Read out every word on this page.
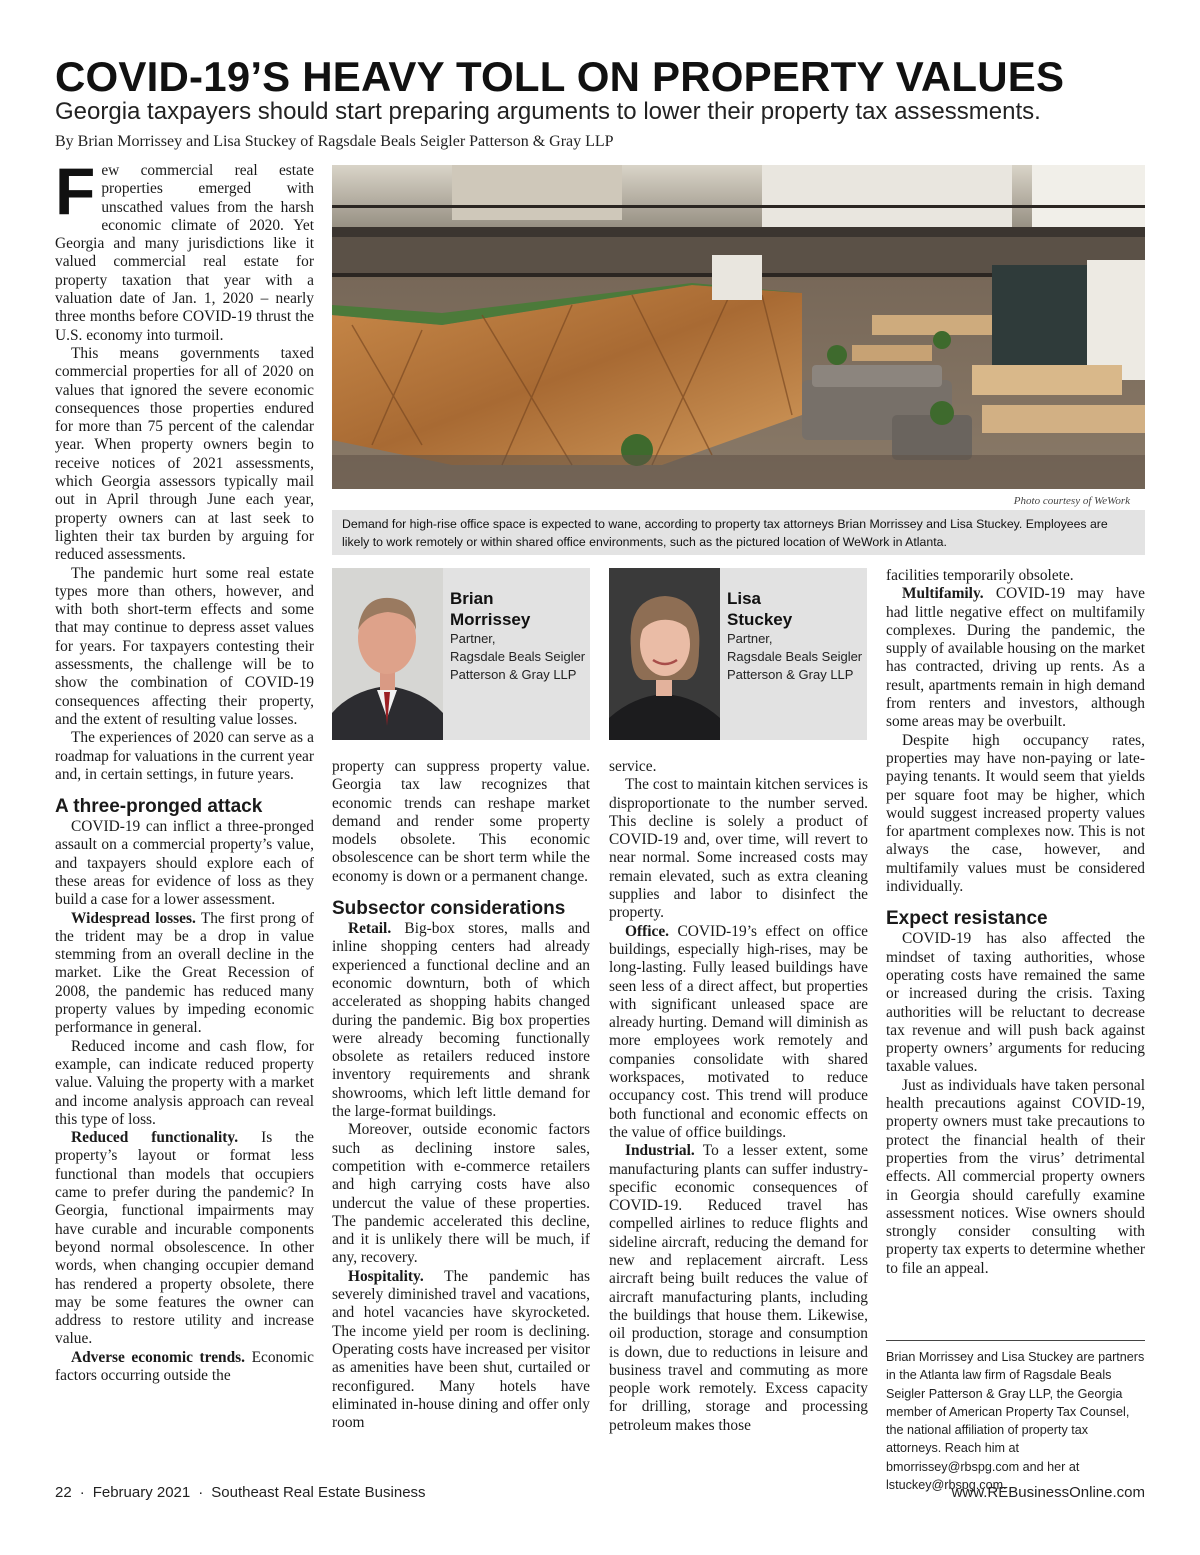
COVID-19’S HEAVY TOLL ON PROPERTY VALUES

Georgia taxpayers should start preparing arguments to lower their property tax assessments.

By Brian Morrissey and Lisa Stuckey of Ragsdale Beals Seigler Patterson & Gray LLP

Few commercial real estate properties emerged with unscathed values from the harsh economic climate of 2020. Yet Georgia and many jurisdictions like it valued commercial real estate for property taxation that year with a valuation date of Jan. 1, 2020 – nearly three months before COVID-19 thrust the U.S. economy into turmoil.

This means governments taxed commercial properties for all of 2020 on values that ignored the severe economic consequences those properties endured for more than 75 percent of the calendar year. When property owners begin to receive notices of 2021 assessments, which Georgia assessors typically mail out in April through June each year, property owners can at last seek to lighten their tax burden by arguing for reduced assessments.

The pandemic hurt some real estate types more than others, however, and with both short-term effects and some that may continue to depress asset values for years. For taxpayers contesting their assessments, the challenge will be to show the combination of COVID-19 consequences affecting their property, and the extent of resulting value losses.

The experiences of 2020 can serve as a roadmap for valuations in the current year and, in certain settings, in future years.

A three-pronged attack

COVID-19 can inflict a three-pronged assault on a commercial property’s value, and taxpayers should explore each of these areas for evidence of loss as they build a case for a lower assessment.

Widespread losses. The first prong of the trident may be a drop in value stemming from an overall decline in the market. Like the Great Recession of 2008, the pandemic has reduced many property values by impeding economic performance in general.

Reduced income and cash flow, for example, can indicate reduced property value. Valuing the property with a market and income analysis approach can reveal this type of loss.

Reduced functionality. Is the property’s layout or format less functional than models that occupiers came to prefer during the pandemic? In Georgia, functional impairments may have curable and incurable components beyond normal obsolescence. In other words, when changing occupier demand has rendered a property obsolete, there may be some features the owner can address to restore utility and increase value.

Adverse economic trends. Economic factors occurring outside the

Photo courtesy of WeWork
Demand for high-rise office space is expected to wane, according to property tax attorneys Brian Morrissey and Lisa Stuckey. Employees are likely to work remotely or within shared office environments, such as the pictured location of WeWork in Atlanta.
Brian
Morrissey
Partner,
Ragsdale Beals Seigler Patterson & Gray LLP
Lisa
Stuckey
Partner,
Ragsdale Beals Seigler Patterson & Gray LLP

property can suppress property value. Georgia tax law recognizes that economic trends can reshape market demand and render some property models obsolete. This economic obsolescence can be short term while the economy is down or a permanent change.

Subsector considerations

Retail. Big-box stores, malls and inline shopping centers had already experienced a functional decline and an economic downturn, both of which accelerated as shopping habits changed during the pandemic. Big box properties were already becoming functionally obsolete as retailers reduced instore inventory requirements and shrank showrooms, which left little demand for the large-format buildings.

Moreover, outside economic factors such as declining instore sales, competition with e-commerce retailers and high carrying costs have also undercut the value of these properties. The pandemic accelerated this decline, and it is unlikely there will be much, if any, recovery.

Hospitality. The pandemic has severely diminished travel and vacations, and hotel vacancies have skyrocketed. The income yield per room is declining. Operating costs have increased per visitor as amenities have been shut, curtailed or reconfigured. Many hotels have eliminated in-house dining and offer only room

service.

The cost to maintain kitchen services is disproportionate to the number served. This decline is solely a product of COVID-19 and, over time, will revert to near normal. Some increased costs may remain elevated, such as extra cleaning supplies and labor to disinfect the property.

Office. COVID-19’s effect on office buildings, especially high-rises, may be long-lasting. Fully leased buildings have seen less of a direct affect, but properties with significant unleased space are already hurting. Demand will diminish as more employees work remotely and companies consolidate with shared workspaces, motivated to reduce occupancy cost. This trend will produce both functional and economic effects on the value of office buildings.

Industrial. To a lesser extent, some manufacturing plants can suffer industry-specific economic consequences of COVID-19. Reduced travel has compelled airlines to reduce flights and sideline aircraft, reducing the demand for new and replacement aircraft. Less aircraft being built reduces the value of aircraft manufacturing plants, including the buildings that house them. Likewise, oil production, storage and consumption is down, due to reductions in leisure and business travel and commuting as more people work remotely. Excess capacity for drilling, storage and processing petroleum makes those

facilities temporarily obsolete.

Multifamily. COVID-19 may have had little negative effect on multifamily complexes. During the pandemic, the supply of available housing on the market has contracted, driving up rents. As a result, apartments remain in high demand from renters and investors, although some areas may be overbuilt.

Despite high occupancy rates, properties may have non-paying or late-paying tenants. It would seem that yields per square foot may be higher, which would suggest increased property values for apartment complexes now. This is not always the case, however, and multifamily values must be considered individually.

Expect resistance

COVID-19 has also affected the mindset of taxing authorities, whose operating costs have remained the same or increased during the crisis. Taxing authorities will be reluctant to decrease tax revenue and will push back against property owners’ arguments for reducing taxable values.

Just as individuals have taken personal health precautions against COVID-19, property owners must take precautions to protect the financial health of their properties from the virus’ detrimental effects. All commercial property owners in Georgia should carefully examine assessment notices. Wise owners should strongly consider consulting with property tax experts to determine whether to file an appeal.

Brian Morrissey and Lisa Stuckey are partners in the Atlanta law firm of Ragsdale Beals Seigler Patterson & Gray LLP, the Georgia member of American Property Tax Counsel, the national affiliation of property tax attorneys. Reach him at bmorrissey@rbspg.com and her at lstuckey@rbspg.com.

22 · February 2021 · Southeast Real Estate Business	www.REBusinessOnline.com
